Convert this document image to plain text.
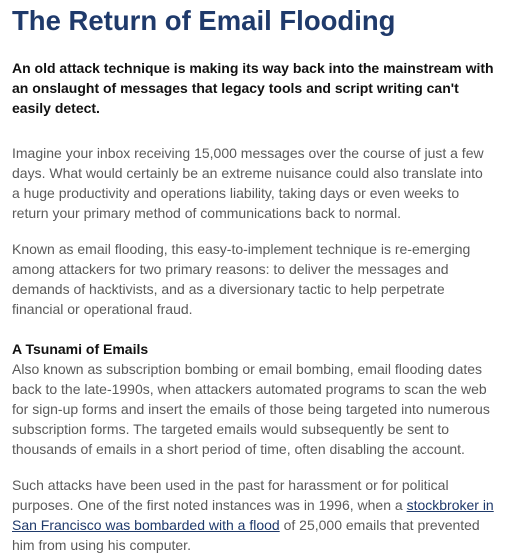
The Return of Email Flooding

An old attack technique is making its way back into the mainstream with an onslaught of messages that legacy tools and script writing can't easily detect.

Imagine your inbox receiving 15,000 messages over the course of just a few days. What would certainly be an extreme nuisance could also translate into a huge productivity and operations liability, taking days or even weeks to return your primary method of communications back to normal.

Known as email flooding, this easy-to-implement technique is re-emerging among attackers for two primary reasons: to deliver the messages and demands of hacktivists, and as a diversionary tactic to help perpetrate financial or operational fraud.

A Tsunami of Emails

Also known as subscription bombing or email bombing, email flooding dates back to the late-1990s, when attackers automated programs to scan the web for sign-up forms and insert the emails of those being targeted into numerous subscription forms. The targeted emails would subsequently be sent to thousands of emails in a short period of time, often disabling the account.

Such attacks have been used in the past for harassment or for political purposes. One of the first noted instances was in 1996, when a stockbroker in San Francisco was bombarded with a flood of 25,000 emails that prevented him from using his computer.
